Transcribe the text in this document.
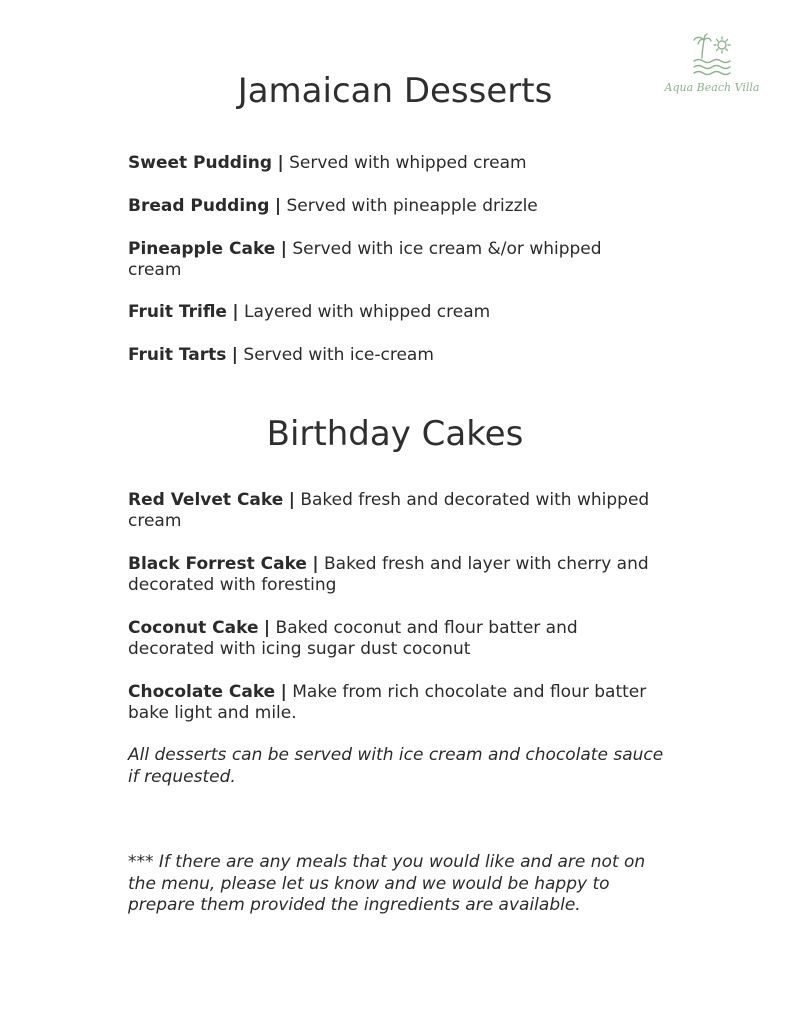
Aqua Beach Villa
Jamaican Desserts
Sweet Pudding | Served with whipped cream
Bread Pudding | Served with pineapple drizzle
Pineapple Cake | Served with ice cream &/or whipped cream
Fruit Trifle | Layered with whipped cream
Fruit Tarts | Served with ice-cream
Birthday Cakes
Red Velvet Cake | Baked fresh and decorated with whipped cream
Black Forrest Cake | Baked fresh and layer with cherry and decorated with foresting
Coconut Cake | Baked coconut and flour batter and decorated with icing sugar dust coconut
Chocolate Cake | Make from rich chocolate and flour batter bake light and mile.

All desserts can be served with ice cream and chocolate sauce if requested.

*** If there are any meals that you would like and are not on the menu, please let us know and we would be happy to prepare them provided the ingredients are available.
